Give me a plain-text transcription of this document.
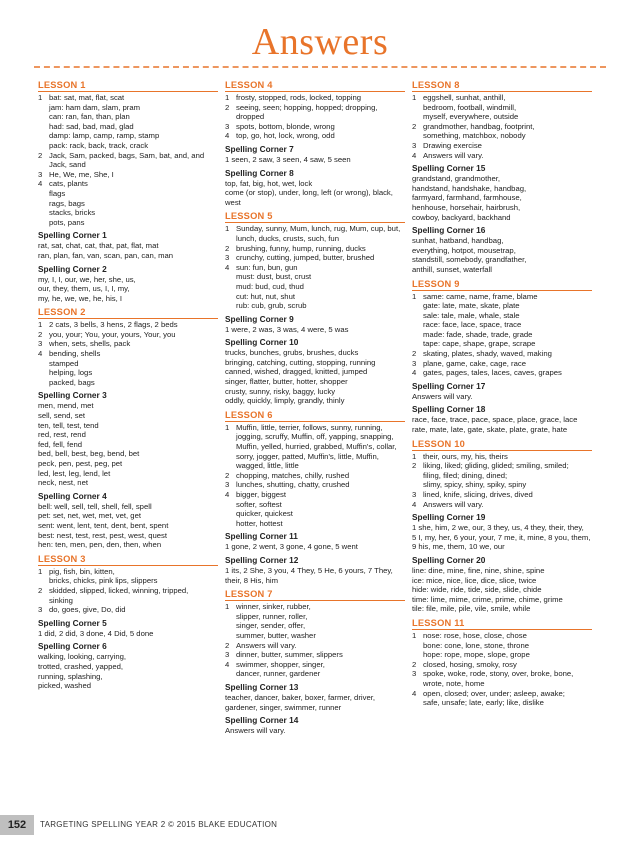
Answers
LESSON 1
1 bat: sat, mat, flat, scat
jam: ham dam, slam, pram
can: ran, fan, than, plan
had: sad, bad, mad, glad
damp: lamp, camp, ramp, stamp
pack: rack, back, track, crack
2 Jack, Sam, packed, bags, Sam, bat, and, and
Jack, sand
3 He, We, me, She, I
4 cats, plants
flags
rags, bags
stacks, bricks
pots, pans
Spelling Corner 1
rat, sat, chat, cat, that, pat, flat, mat
ran, plan, fan, van, scan, pan, can, man
Spelling Corner 2
my, I, I, our, we, her, she, us,
our, they, them, us, I, I, my,
my, he, we, we, he, his, I
LESSON 2
1 2 cats, 3 bells, 3 hens, 2 flags, 2 beds
2 you, your; You, your, yours, Your, you
3 when, sets, shells, pack
4 bending, shells
stamped
helping, logs
packed, bags
Spelling Corner 3
men, mend, met
sell, send, set
ten, tell, test, tend
red, rest, rend
fed, fell, fend
bed, bell, best, beg, bend, bet
peck, pen, pest, peg, pet
led, lest, leg, lend, let
neck, nest, net
Spelling Corner 4
bell: well, sell, tell, shell, fell, spell
pet: set, net, wet, met, vet, get
sent: went, lent, tent, dent, bent, spent
best: nest, test, rest, pest, west, quest
hen: ten, men, pen, den, then, when
LESSON 3
1 pig, fish, bin, kitten,
bricks, chicks, pink lips, slippers
2 skidded, slipped, licked, winning, tripped,
sinking
3 do, goes, give, Do, did
Spelling Corner 5
1 did, 2 did, 3 done, 4 Did, 5 done
Spelling Corner 6
walking, looking, carrying,
trotted, crashed, yapped,
running, splashing,
picked, washed
LESSON 4
1 frosty, stopped, rods, locked, topping
2 seeing, seen; hopping, hopped; dropping,
dropped
3 spots, bottom, blonde, wrong
4 top, go, hot, lock, wrong, odd
Spelling Corner 7
1 seen, 2 saw, 3 seen, 4 saw, 5 seen
Spelling Corner 8
top, fat, big, hot, wet, lock
come (or stop), under, long, left (or wrong), black,
west
LESSON 5
1 Sunday, sunny, Mum, lunch, rug, Mum, cup, but,
lunch, ducks, crusts, such, fun
2 brushing, funny, hump, running, ducks
3 crunchy, cutting, jumped, butter, brushed
4 sun: fun, bun, gun
must: dust, bust, crust
mud: bud, cud, thud
cut: hut, nut, shut
rub: cub, grub, scrub
Spelling Corner 9
1 were, 2 was, 3 was, 4 were, 5 was
Spelling Corner 10
trucks, bunches, grubs, brushes, ducks
bringing, catching, cutting, stopping, running
canned, wished, dragged, knitted, jumped
singer, flatter, butter, hotter, shopper
crusty, sunny, risky, baggy, lucky
oddly, quickly, limply, grandly, thinly
LESSON 6
1 Muffin, little, terrier, follows, sunny, running,
jogging, scruffy, Muffin, off, yapping, snapping,
Muffin, yelled, hurried, grabbed, Muffin's, collar,
sorry, jogger, patted, Muffin's, little, Muffin,
wagged, little, little
2 chopping, matches, chilly, rushed
3 lunches, shutting, chatty, crushed
4 bigger, biggest
softer, softest
quicker, quickest
hotter, hottest
Spelling Corner 11
1 gone, 2 went, 3 gone, 4 gone, 5 went
Spelling Corner 12
1 its, 2 She, 3 you, 4 They, 5 He, 6 yours, 7 They,
their, 8 His, him
LESSON 7
1 winner, sinker, rubber,
slipper, runner, roller,
singer, sender, offer,
summer, butter, washer
2 Answers will vary.
3 dinner, butter, summer, slippers
4 swimmer, shopper, singer,
dancer, runner, gardener
Spelling Corner 13
teacher, dancer, baker, boxer, farmer, driver,
gardener, singer, swimmer, runner
Spelling Corner 14
Answers will vary.
LESSON 8
1 eggshell, sunhat, anthill,
bedroom, football, windmill,
myself, everywhere, outside
2 grandmother, handbag, footprint,
something, matchbox, nobody
3 Drawing exercise
4 Answers will vary.
Spelling Corner 15
grandstand, grandmother,
handstand, handshake, handbag,
farmyard, farmhand, farmhouse,
henhouse, horsehair, hairbrush,
cowboy, backyard, backhand
Spelling Corner 16
sunhat, hatband, handbag,
everything, hotpot, mousetrap,
standstill, somebody, grandfather,
anthill, sunset, waterfall
LESSON 9
1 same: came, name, frame, blame
gate: late, mate, skate, plate
sale: tale, male, whale, stale
race: face, lace, space, trace
made: fade, shade, trade, grade
tape: cape, shape, grape, scrape
2 skating, plates, shady, waved, making
3 plane, game, cake, cage, race
4 gates, pages, tales, laces, caves, grapes
Spelling Corner 17
Answers will vary.
Spelling Corner 18
race, face, trace, pace, space, place, grace, lace
rate, mate, late, gate, skate, plate, grate, hate
LESSON 10
1 their, ours, my, his, theirs
2 liking, liked; gliding, glided; smiling, smiled;
filing, filed; dining, dined;
slimy, spicy, shiny, spiky, spiny
3 lined, knife, slicing, drives, dived
4 Answers will vary.
Spelling Corner 19
1 she, him, 2 we, our, 3 they, us, 4 they, their, they,
5 I, my, her, 6 your, your, 7 me, it, mine, 8 you, them,
9 his, me, them, 10 we, our
Spelling Corner 20
line: dine, mine, fine, nine, shine, spine
ice: mice, nice, lice, dice, slice, twice
hide: wide, ride, tide, side, slide, chide
time: lime, mime, crime, prime, chime, grime
tile: file, mile, pile, vile, smile, while
LESSON 11
1 nose: rose, hose, close, chose
bone: cone, lone, stone, throne
hope: rope, mope, slope, grope
2 closed, hosing, smoky, rosy
3 spoke, woke, rode, stony, over, broke, bone,
wrote, note, home
4 open, closed; over, under; asleep, awake;
safe, unsafe; late, early; like, dislike
152	TARGETING SPELLING YEAR 2 © 2015 BLAKE EDUCATION
